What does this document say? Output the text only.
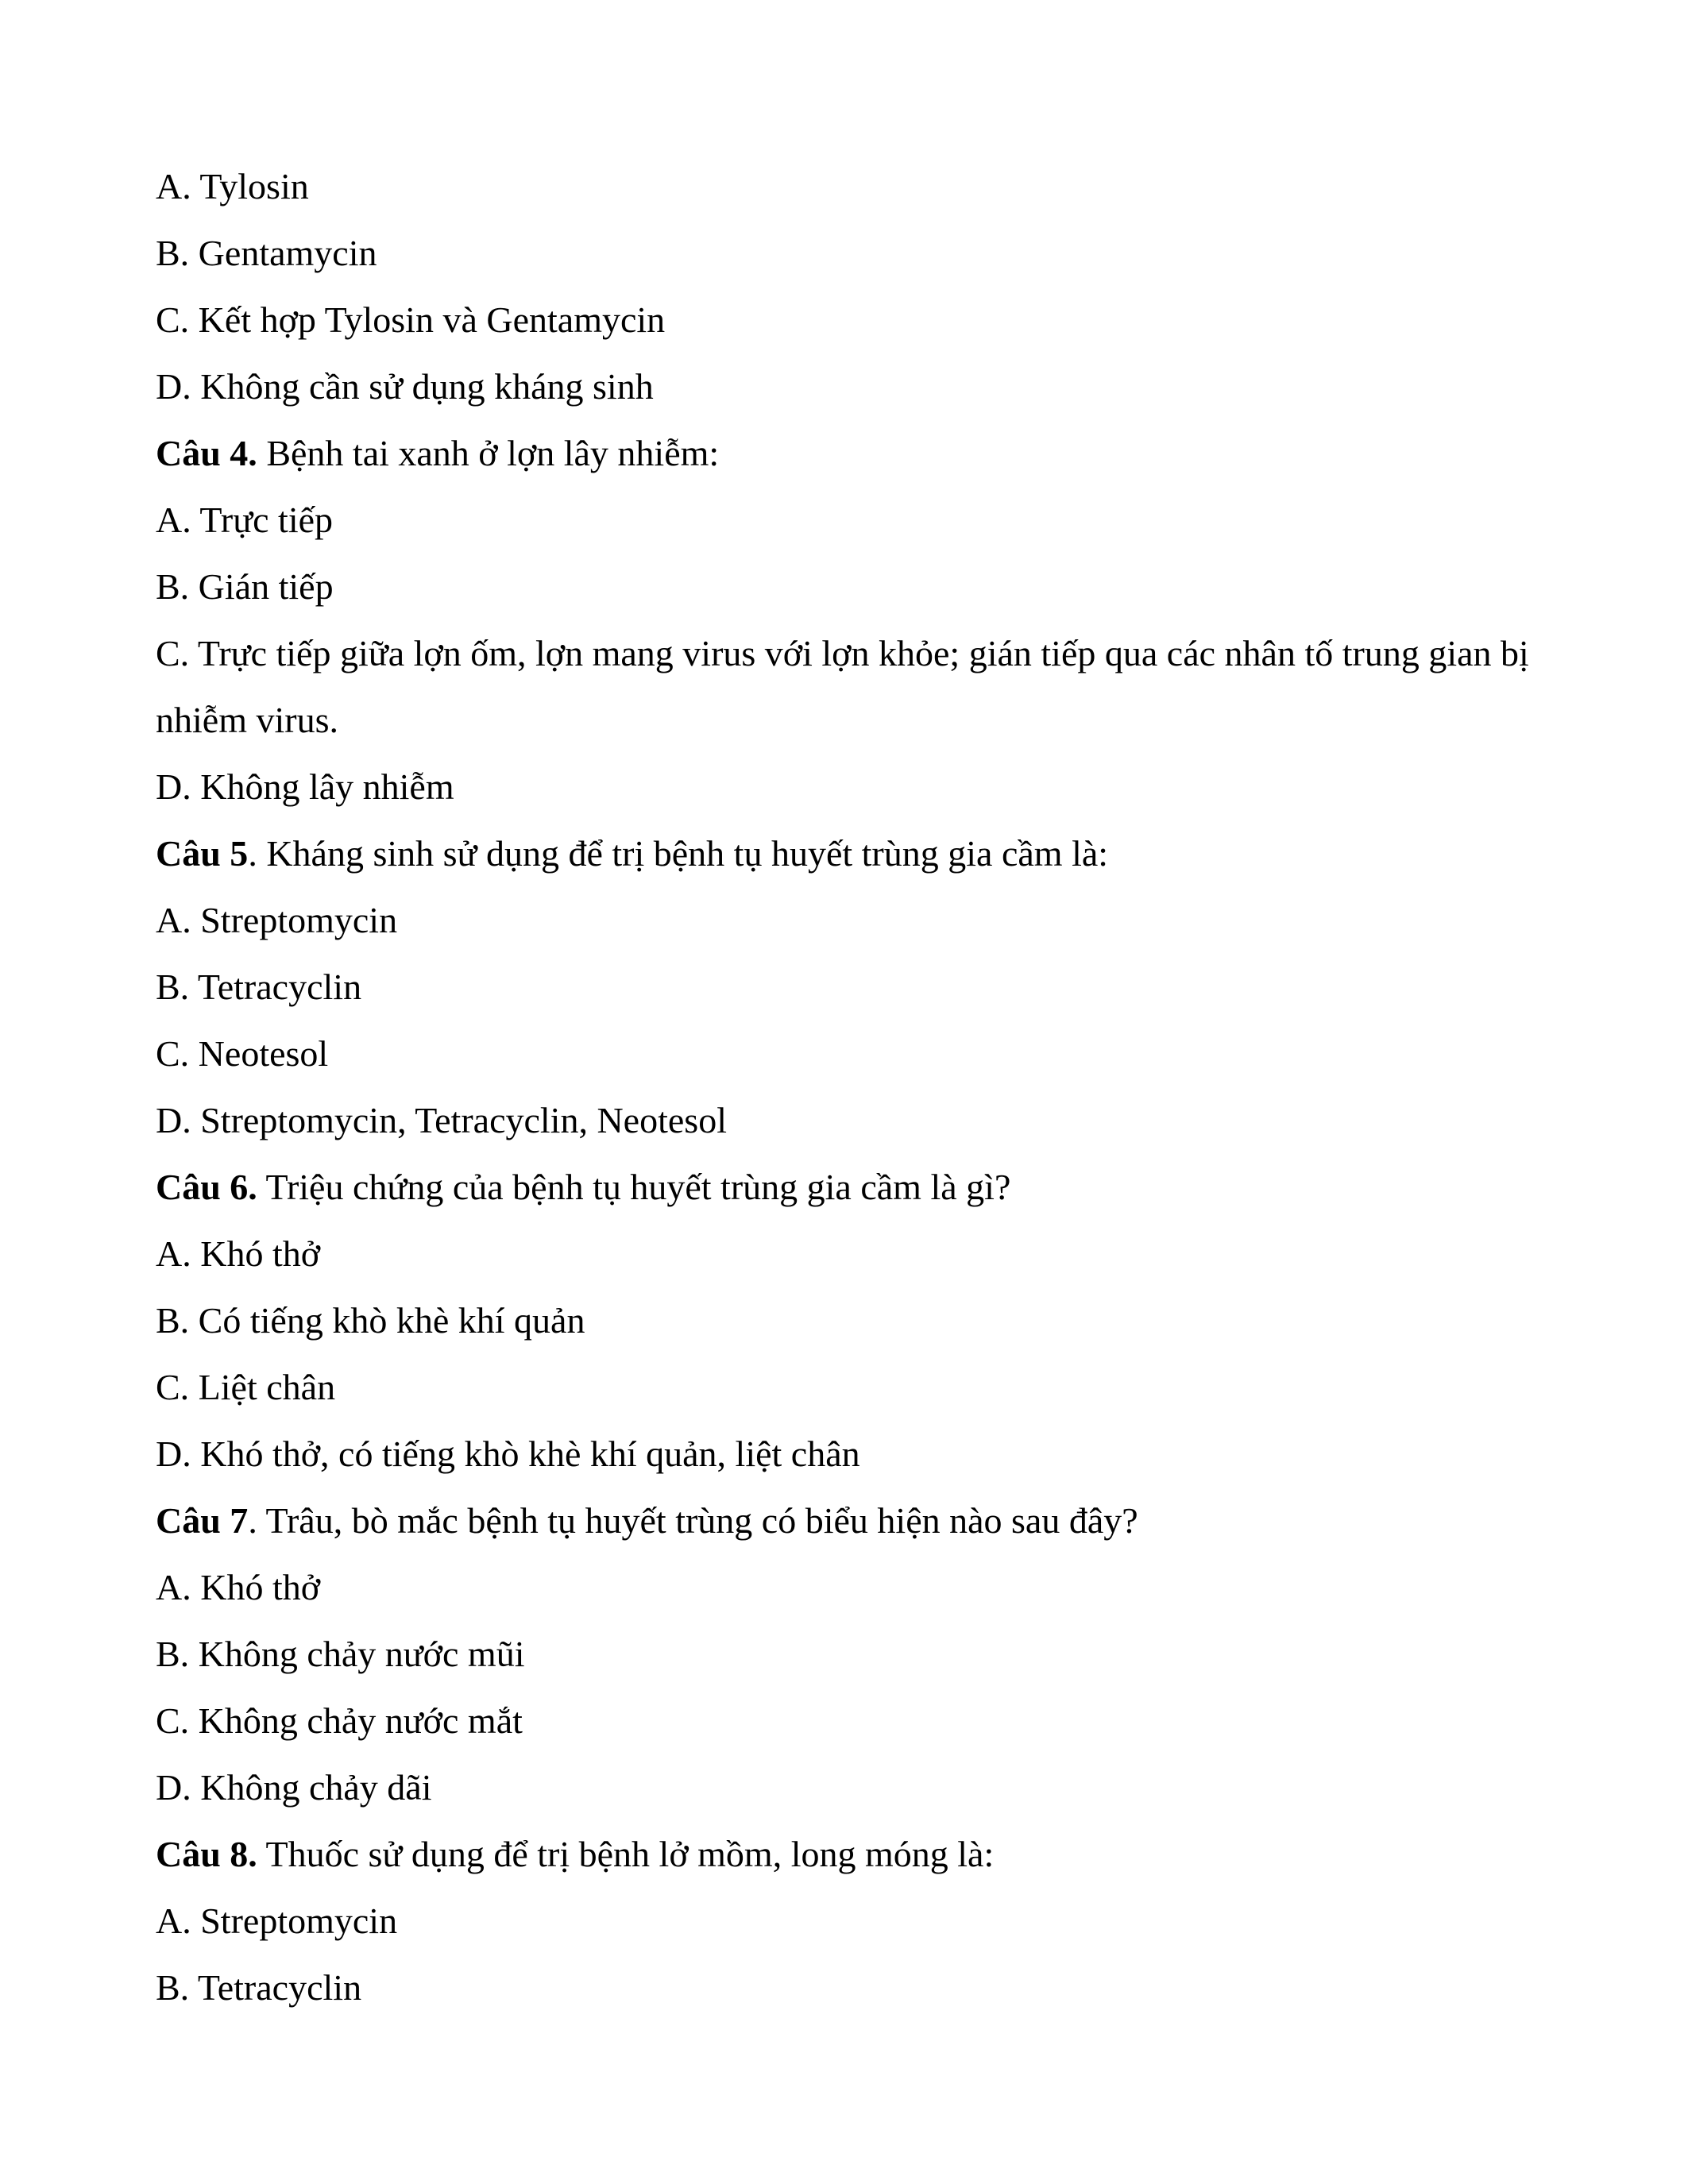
A. Tylosin
B. Gentamycin
C. Kết hợp Tylosin và Gentamycin
D. Không cần sử dụng kháng sinh
Câu 4. Bệnh tai xanh ở lợn lây nhiễm:
A. Trực tiếp
B. Gián tiếp
C. Trực tiếp giữa lợn ốm, lợn mang virus với lợn khỏe; gián tiếp qua các nhân tố trung gian bị nhiễm virus.
D. Không lây nhiễm
Câu 5. Kháng sinh sử dụng để trị bệnh tụ huyết trùng gia cầm là:
A. Streptomycin
B. Tetracyclin
C. Neotesol
D. Streptomycin, Tetracyclin, Neotesol
Câu 6. Triệu chứng của bệnh tụ huyết trùng gia cầm là gì?
A. Khó thở
B. Có tiếng khò khè khí quản
C. Liệt chân
D. Khó thở, có tiếng khò khè khí quản, liệt chân
Câu 7. Trâu, bò mắc bệnh tụ huyết trùng có biểu hiện nào sau đây?
A. Khó thở
B. Không chảy nước mũi
C. Không chảy nước mắt
D. Không chảy dãi
Câu 8. Thuốc sử dụng để trị bệnh lở mồm, long móng là:
A. Streptomycin
B. Tetracyclin
